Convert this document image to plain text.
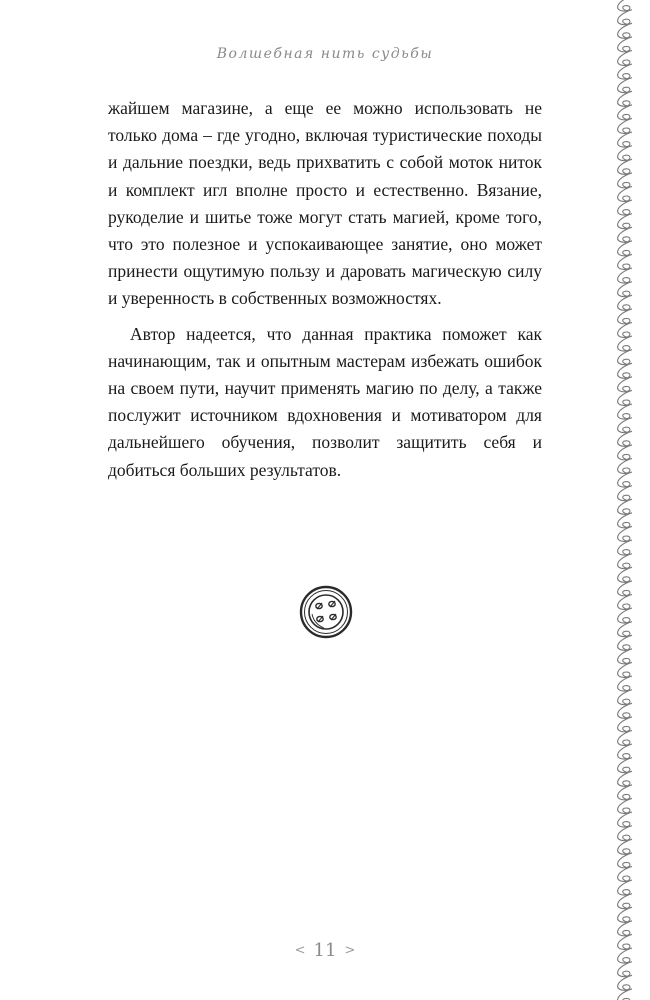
Волшебная нить судьбы

жайшем магазине, а еще ее можно использовать не только дома – где угодно, включая туристические походы и дальние поездки, ведь прихватить с собой моток ниток и комплект игл вполне просто и естественно. Вязание, рукоделие и шитье тоже могут стать магией, кроме того, что это полезное и успокаивающее занятие, оно может принести ощутимую пользу и даровать магическую силу и уверенность в собственных возможностях.

Автор надеется, что данная практика поможет как начинающим, так и опытным мастерам избежать ошибок на своем пути, научит применять магию по делу, а также послужит источником вдохновения и мотиватором для дальнейшего обучения, позволит защитить себя и добиться больших результатов.

< 11 >
